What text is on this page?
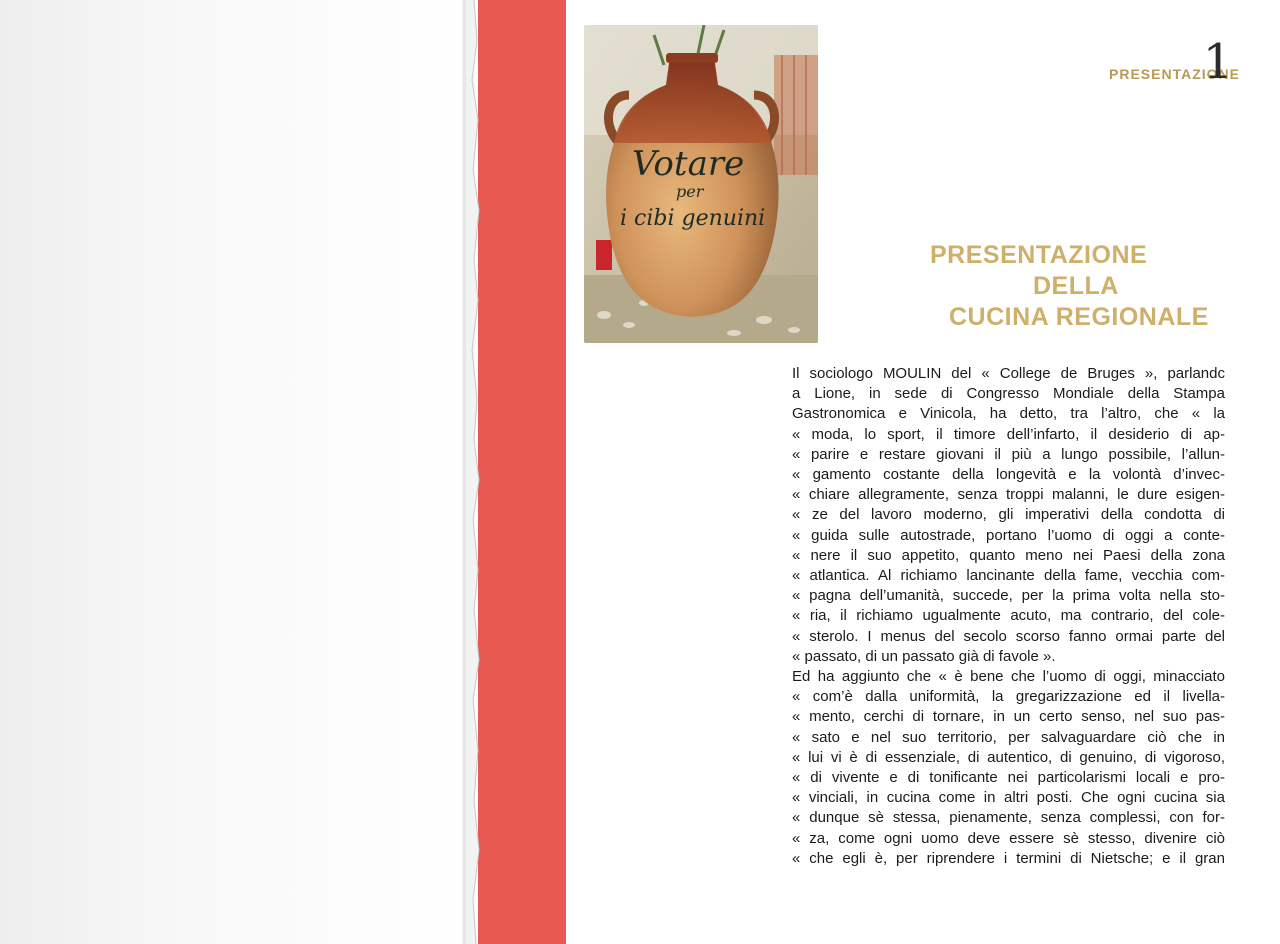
Votare
per
i cibi genuini

PRESENTAZIONE

1
PRESENTAZIONE
DELLA
CUCINA REGIONALE
Il sociologo MOULIN del « College de Bruges », parlandc
a Lione, in sede di Congresso Mondiale della Stampa
Gastronomica e Vinicola, ha detto, tra l’altro, che « la
« moda, lo sport, il timore dell’infarto, il desiderio di ap-
« parire e restare giovani il più a lungo possibile, l’allun-
« gamento costante della longevità e la volontà d’invec-
« chiare allegramente, senza troppi malanni, le dure esigen-
« ze del lavoro moderno, gli imperativi della condotta di
« guida sulle autostrade, portano l’uomo di oggi a conte-
« nere il suo appetito, quanto meno nei Paesi della zona
« atlantica. Al richiamo lancinante della fame, vecchia com-
« pagna dell’umanità, succede, per la prima volta nella sto-
« ria, il richiamo ugualmente acuto, ma contrario, del cole-
« sterolo. I menus del secolo scorso fanno ormai parte del
« passato, di un passato già di favole ».
Ed ha aggiunto che « è bene che l’uomo di oggi, minacciato
« com’è dalla uniformità, la gregarizzazione ed il livella-
« mento, cerchi di tornare, in un certo senso, nel suo pas-
« sato e nel suo territorio, per salvaguardare ciò che in
« lui vi è di essenziale, di autentico, di genuino, di vigoroso,
« di vivente e di tonificante nei particolarismi locali e pro-
« vinciali, in cucina come in altri posti. Che ogni cucina sia
« dunque sè stessa, pienamente, senza complessi, con for-
« za, come ogni uomo deve essere sè stesso, divenire ciò
« che egli è, per riprendere i termini di Nietsche; e il gran
